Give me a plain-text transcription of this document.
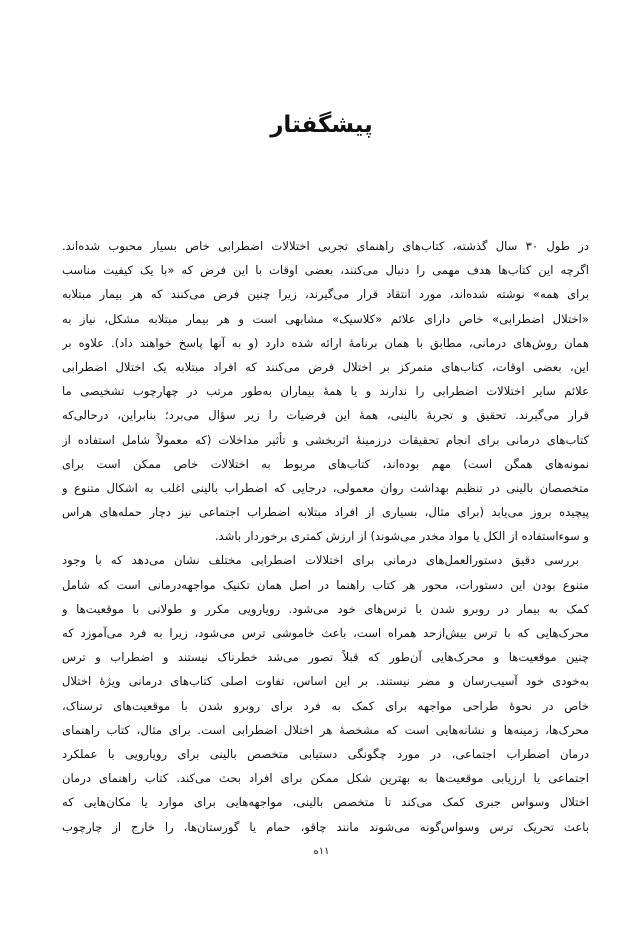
پیشگفتار
در طول ۳۰ سال گذشته، کتاب‌های راهنمای تجربی اختلالات اضطرابی خاص بسیار محبوب شده‌اند.
اگرچه این کتاب‌ها هدف مهمی را دنبال می‌کنند، بعضی اوقات با این فرض که «با یک کیفیت مناسب
برای همه» نوشته شده‌اند، مورد انتقاد قرار می‌گیرند، زیرا چنین فرض می‌کنند که هر بیمار مبتلابه
«اختلال اضطرابی» خاص دارای علائم «کلاسیک» مشابهی است و هر بیمار مبتلابه مشکل، نیاز به
همان روش‌های درمانی، مطابق با همان برنامهٔ ارائه شده دارد (و به آنها پاسخ خواهند داد). علاوه بر
این، بعضی اوقات، کتاب‌های متمرکز بر اختلال فرض می‌کنند که افراد مبتلابه یک اختلال اضطرابی
علائم سایر اختلالات اضطرابی را ندارند و یا همهٔ بیماران به‌طور مرتب در چهارچوب تشخیصی ما
قرار می‌گیرند. تحقیق و تجربهٔ بالینی، همهٔ این فرضیات را زیر سؤال می‌برد؛ بنابراین، درحالی‌که
کتاب‌های درمانی برای انجام تحقیقات درزمینهٔ اثربخشی و تأثیر مداخلات (که معمولاً شامل استفاده از
نمونه‌های همگن است) مهم بوده‌اند، کتاب‌های مربوط به اختلالات خاص ممکن است برای
متخصصان بالینی در تنظیم بهداشت روان معمولی، درجایی که اضطراب بالینی اغلب به اشکال متنوع و
پیچیده بروز می‌یابد (برای مثال، بسیاری از افراد مبتلابه اضطراب اجتماعی نیز دچار حمله‌های هراس
و سوءاستفاده از الکل یا مواد مخدر می‌شوند) از ارزش کمتری برخوردار باشد.
بررسی دقیق دستورالعمل‌های درمانی برای اختلالات اضطرابی مختلف نشان می‌دهد که با وجود
متنوع بودن این دستورات، محور هر کتاب راهنما در اصل همان تکنیک مواجهه‌درمانی است که شامل
کمک به بیمار در روبرو شدن با ترس‌های خود می‌شود. رویارویی مکرر و طولانی با موقعیت‌ها و
محرک‌هایی که با ترس بیش‌ازحد همراه است، باعث خاموشی ترس می‌شود، زیرا به فرد می‌آموزد که
چنین موقعیت‌ها و محرک‌هایی آن‌طور که قبلاً تصور می‌شد خطرناک نیستند و اضطراب و ترس
به‌خودی خود آسیب‌رسان و مضر نیستند. بر این اساس، تفاوت اصلی کتاب‌های درمانی ویژهٔ اختلال
خاص در نحوهٔ طراحی مواجهه برای کمک به فرد برای روبرو شدن با موقعیت‌های ترسناک،
محرک‌ها، زمینه‌ها و نشانه‌هایی است که مشخصهٔ هر اختلال اضطرابی است. برای مثال، کتاب راهنمای
درمان اضطراب اجتماعی، در مورد چگونگی دستیابی متخصص بالینی برای رویارویی با عملکرد
اجتماعی یا ارزیابی موقعیت‌ها به بهترین شکل ممکن برای افراد بحث می‌کند. کتاب راهنمای درمان
اختلال وسواس جبری کمک می‌کند تا متخصص بالینی، مواجهه‌هایی برای موارد یا مکان‌هایی که
باعث تحریک ترس وسواس‌گونه می‌شوند مانند چاقو، حمام یا گورستان‌ها، را خارج از چارچوب
۱۱ه
